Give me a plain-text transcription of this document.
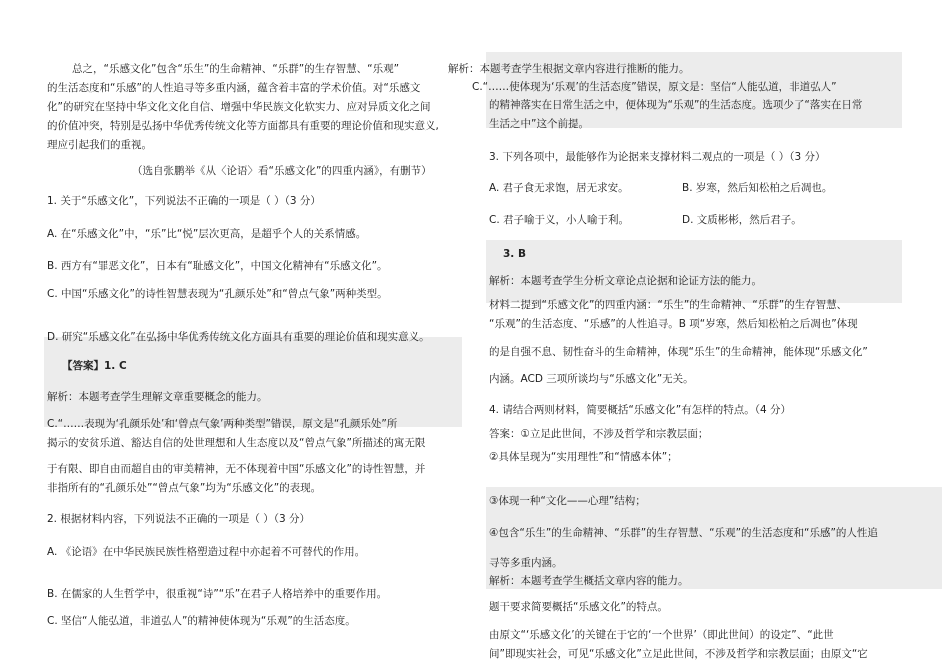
总之，“乐感文化”包含“乐生”的生命精神、“乐群”的生存智慧、“乐观”
的生活态度和“乐感”的人性追寻等多重内涵，蕴含着丰富的学术价值。对“乐感文
化”的研究在坚持中华文化文化自信、增强中华民族文化软实力、应对异质文化之间
的价值冲突，特别是弘扬中华优秀传统文化等方面都具有重要的理论价值和现实意义,
理应引起我们的重视。
（选自张鹏举《从〈论语〉看“乐感文化”的四重内涵》，有删节）
1. 关于“乐感文化”，下列说法不正确的一项是（ ）（3 分）
A. 在“乐感文化”中，“乐”比“悦”层次更高，是超乎个人的关系情感。
B. 西方有“罪恶文化”，日本有“耻感文化”，中国文化精神有“乐感文化”。
C. 中国“乐感文化”的诗性智慧表现为“孔颜乐处”和“曾点气象”两种类型。
D. 研究“乐感文化”在弘扬中华优秀传统文化方面具有重要的理论价值和现实意义。
【答案】1. C
解析：本题考查学生理解文章重要概念的能力。
C.“……表现为‘孔颜乐处’和‘曾点气象’两种类型”错误，原文是“孔颜乐处”所
揭示的安贫乐道、豁达自信的处世理想和人生态度以及“曾点气象”所描述的寓无限
于有限、即自由而超自由的审美精神，无不体现着中国“乐感文化”的诗性智慧，并
非指所有的“孔颜乐处”“曾点气象”均为“乐感文化”的表现。
2. 根据材料内容，下列说法不正确的一项是（ ）（3 分）
A. 《论语》在中华民族民族性格塑造过程中亦起着不可替代的作用。
B. 在儒家的人生哲学中，很重视“诗”“乐”在君子人格培养中的重要作用。
C. 坚信“人能弘道，非道弘人”的精神使体现为“乐观”的生活态度。
解析：本题考查学生根据文章内容进行推断的能力。
C.“……使体现为‘乐观’的生活态度”错误，原文是：坚信“人能弘道，非道弘人”
的精神落实在日常生活之中，便体现为“乐观”的生活态度。选项少了“落实在日常
生活之中”这个前提。
3. 下列各项中，最能够作为论据来支撑材料二观点的一项是（ ）（3 分）
A. 君子食无求饱，居无求安。	B. 岁寒，然后知松柏之后凋也。
C. 君子喻于义，小人喻于利。	D. 文质彬彬，然后君子。
3. B
解析：本题考查学生分析文章论点论据和论证方法的能力。
材料二提到“乐感文化”的四重内涵：“乐生”的生命精神、“乐群”的生存智慧、
“乐观”的生活态度、“乐感”的人性追寻。B 项“岁寒，然后知松柏之后凋也”体现
的是自强不息、韧性奋斗的生命精神，体现“乐生”的生命精神，能体现“乐感文化”
内涵。ACD 三项所谈均与“乐感文化”无关。
4. 请结合两则材料，简要概括“乐感文化”有怎样的特点。（4 分）
答案：①立足此世间，不涉及哲学和宗教层面；
②具体呈现为“实用理性”和“情感本体”；
③体现一种“文化——心理”结构；
④包含“乐生”的生命精神、“乐群”的生存智慧、“乐观”的生活态度和“乐感”的人性追
寻等多重内涵。
解析：本题考查学生概括文章内容的能力。
题干要求简要概括“乐感文化”的特点。
由原文“‘乐感文化’的关键在于它的‘一个世界’（即此世间）的设定”、“此世
间”即现实社会，可见“乐感文化”立足此世间，不涉及哲学和宗教层面；由原文“它
